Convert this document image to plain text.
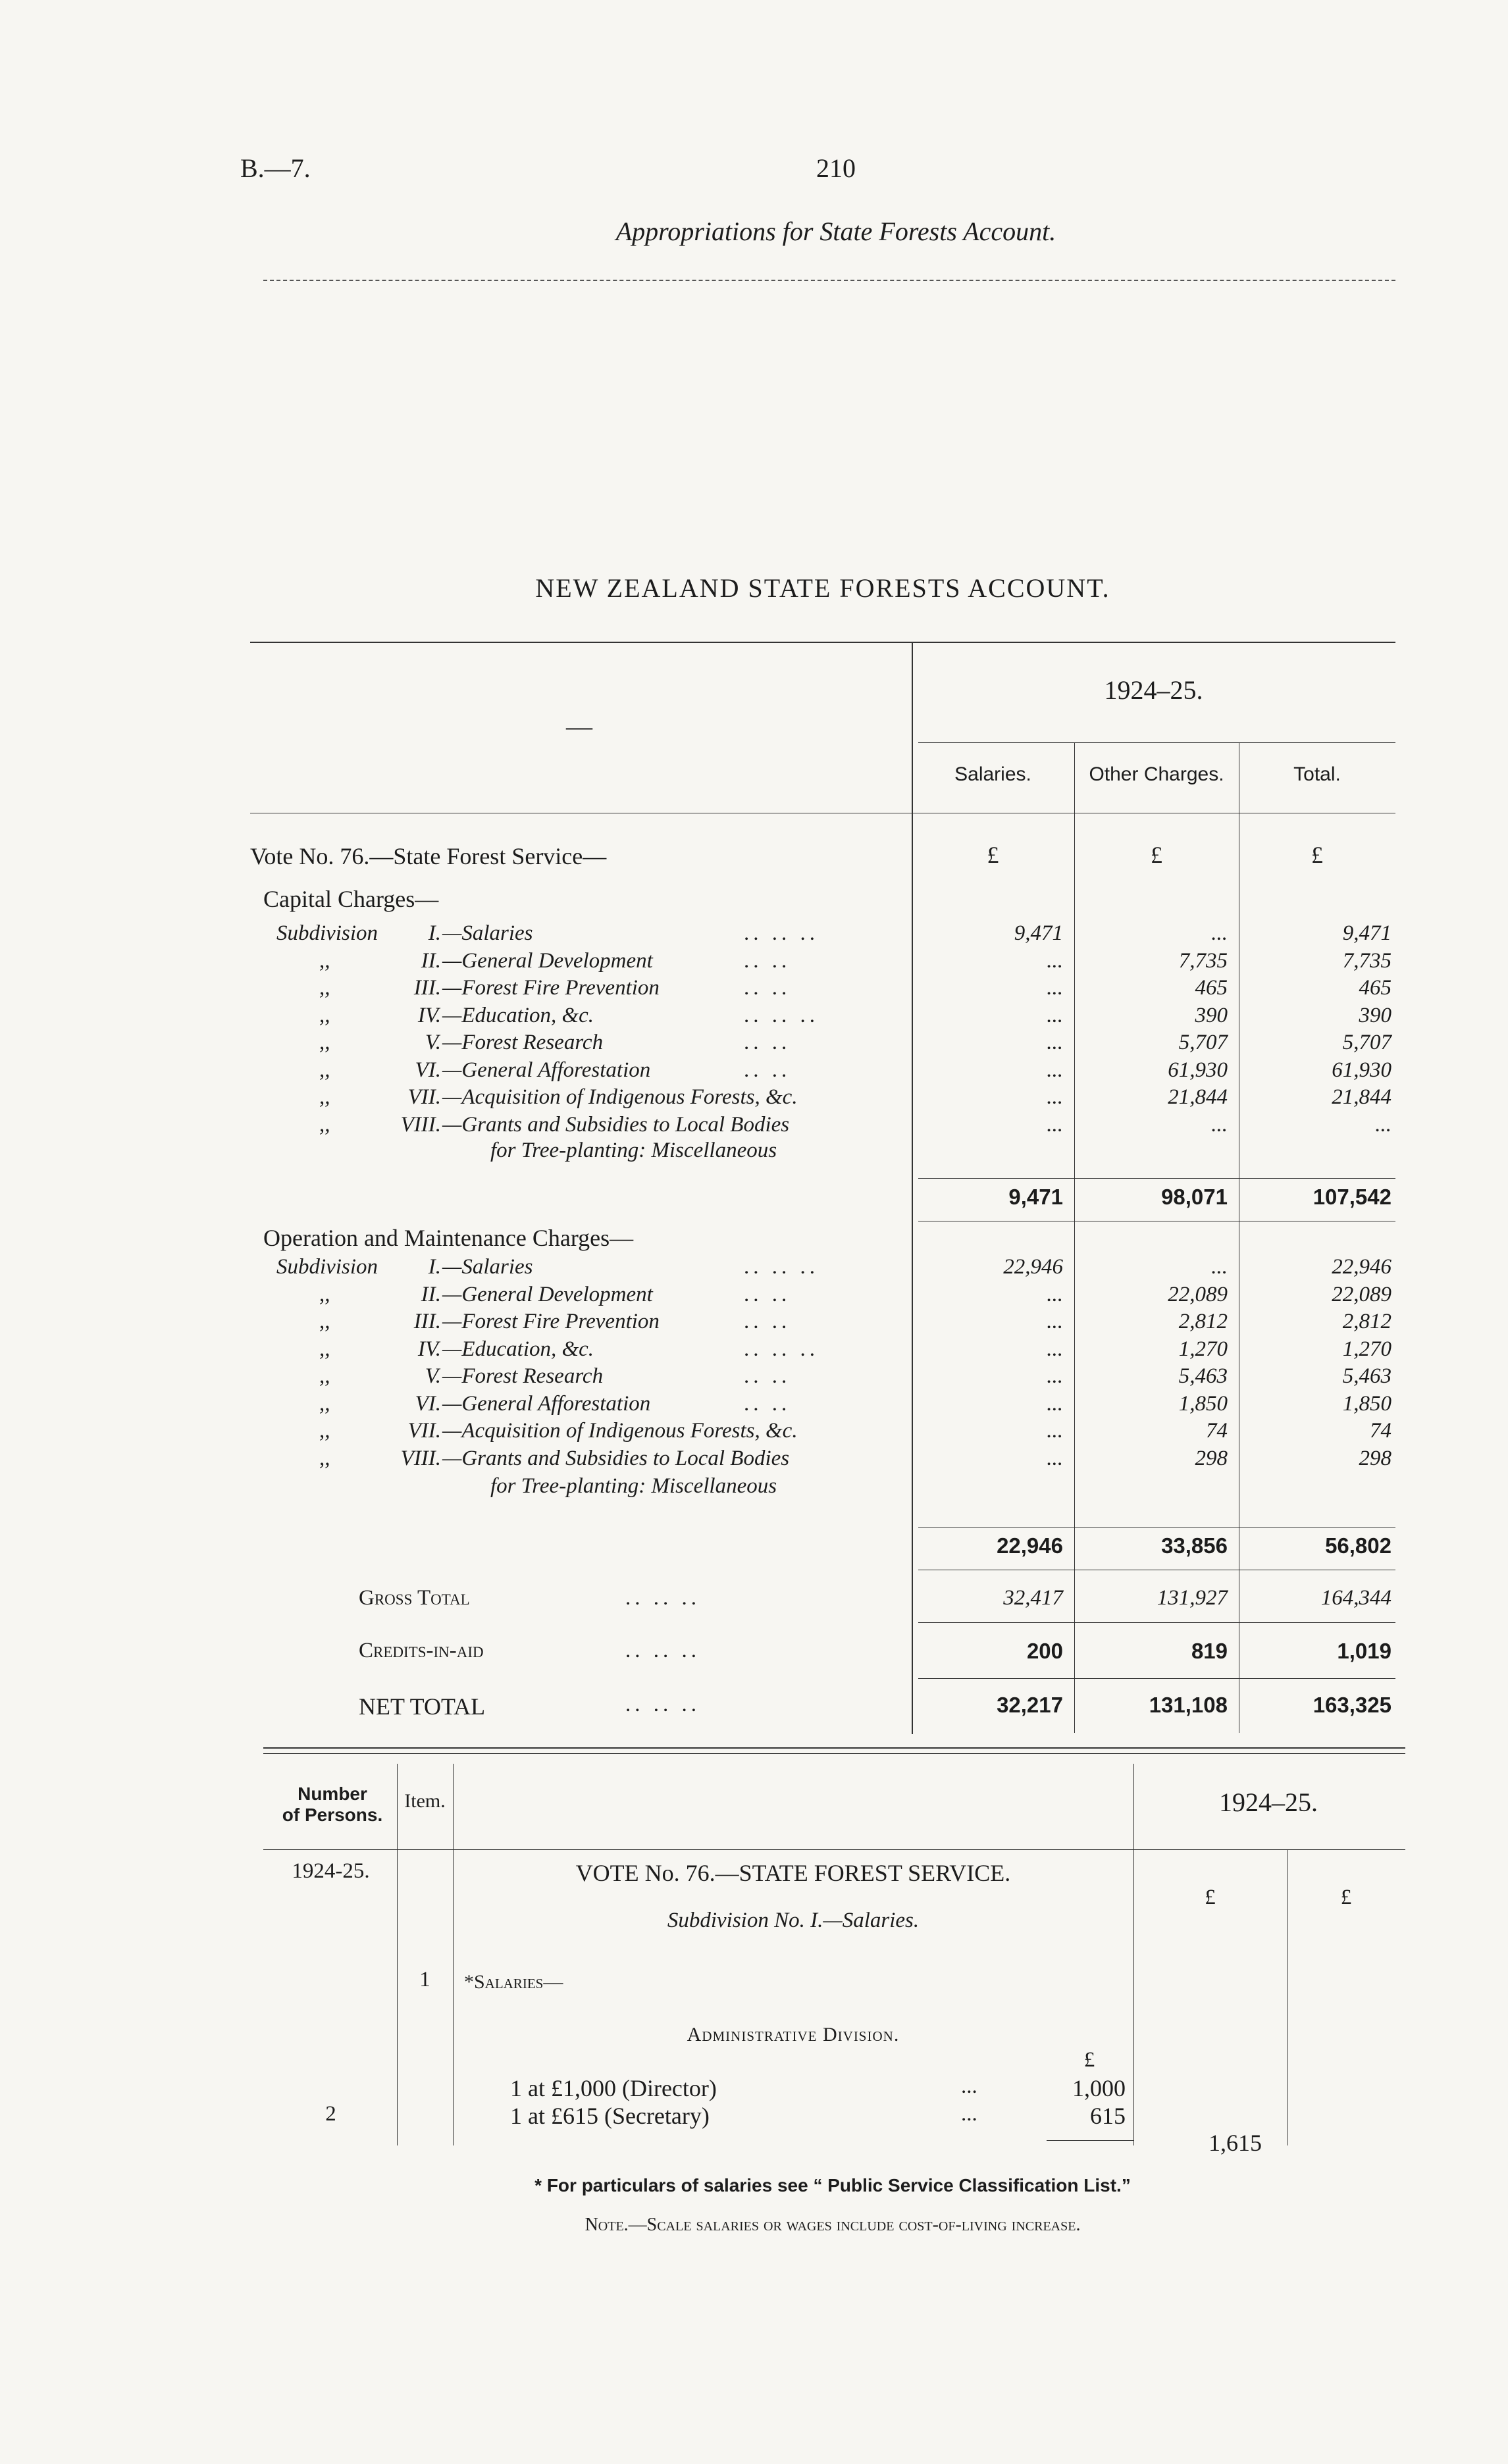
B.—7.	210
Appropriations for State Forests Account.
NEW ZEALAND STATE FORESTS ACCOUNT.
1924–25.
—
Salaries.	Other Charges.	Total.
Vote No. 76.—State Forest Service—	£	£	£
Capital Charges—
Subdivision	I. —Salaries	.. .. ..	9,471	...	9,471
,,	II. —General Development	.. ..	...	7,735	7,735
,,	III. —Forest Fire Prevention	.. ..	...	465	465
,,	IV. —Education, &c.	.. .. ..	...	390	390
,,	V. —Forest Research	.. ..	...	5,707	5,707
,,	VI. —General Afforestation	.. ..	...	61,930	61,930
,,	VII. —Acquisition of Indigenous Forests, &c.	...	21,844	21,844
,,	VIII. —Grants and Subsidies to Local Bodies	...	...	...
for Tree-planting: Miscellaneous
9,471	98,071	107,542
Operation and Maintenance Charges—
Subdivision	I. —Salaries	.. .. ..	22,946	...	22,946
,,	II. —General Development	.. ..	...	22,089	22,089
,,	III. —Forest Fire Prevention	.. ..	...	2,812	2,812
,,	IV. —Education, &c.	.. .. ..	...	1,270	1,270
,,	V. —Forest Research	.. ..	...	5,463	5,463
,,	VI. —General Afforestation	.. ..	...	1,850	1,850
,,	VII. —Acquisition of Indigenous Forests, &c.	...	74	74
,,	VIII. —Grants and Subsidies to Local Bodies	...	298	298
for Tree-planting: Miscellaneous
22,946	33,856	56,802
Gross Total	.. .. ..	32,417	131,927	164,344
Credits-in-aid	.. .. ..	200	819	1,019
NET TOTAL	.. .. ..	32,217	131,108	163,325
Number
of Persons.
Item.	1924–25.
1924-25.	VOTE No. 76.—STATE FOREST SERVICE.
Subdivision No. I.—Salaries.
£	£
1	*Salaries—
Administrative Division.
£
1 at £1,000 (Director)	...	1,000
2	1 at £615 (Secretary)	...	615
1,615
* For particulars of salaries see “ Public Service Classification List.”
Note.—Scale salaries or wages include cost-of-living increase.
